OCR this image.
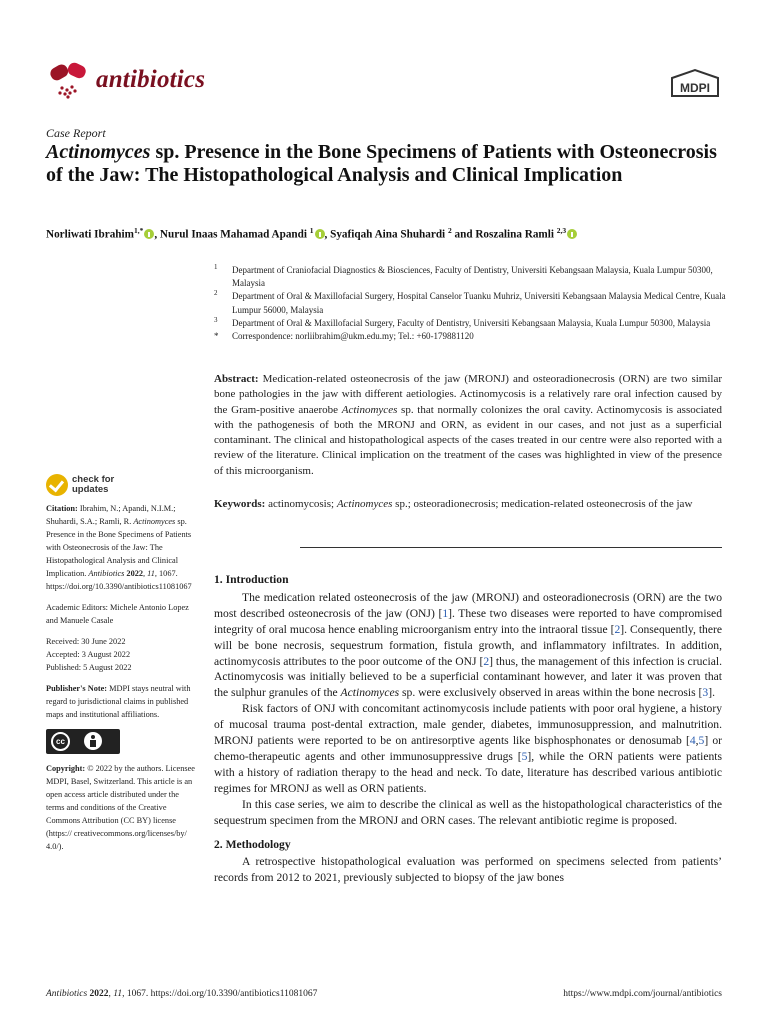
antibiotics	MDPI
Case Report
Actinomyces sp. Presence in the Bone Specimens of Patients with Osteonecrosis of the Jaw: The Histopathological Analysis and Clinical Implication
Norliwati Ibrahim$^{1,*}$ , Nurul Inaas Mahamad Apandi $^1$ , Syafiqah Aina Shuhardi $^2$ and Roszalina Ramli $^{2,3}$
1 Department of Craniofacial Diagnostics & Biosciences, Faculty of Dentistry, Universiti Kebangsaan Malaysia, Kuala Lumpur 50300, Malaysia
2 Department of Oral & Maxillofacial Surgery, Hospital Canselor Tuanku Muhriz, Universiti Kebangsaan Malaysia Medical Centre, Kuala Lumpur 56000, Malaysia
3 Department of Oral & Maxillofacial Surgery, Faculty of Dentistry, Universiti Kebangsaan Malaysia, Kuala Lumpur 50300, Malaysia
* Correspondence: norliibrahim@ukm.edu.my; Tel.: +60-179881120
Abstract: Medication-related osteonecrosis of the jaw (MRONJ) and osteoradionecrosis (ORN) are two similar bone pathologies in the jaw with different aetiologies. Actinomycosis is a relatively rare oral infection caused by the Gram-positive anaerobe Actinomyces sp. that normally colonizes the oral cavity. Actinomycosis is associated with the pathogenesis of both the MRONJ and ORN, as evident in our cases, and not just as a superficial contaminant. The clinical and histopathological aspects of the cases treated in our centre were also reported with a review of the literature. Clinical implication on the treatment of the cases was highlighted in view of the presence of this microorganism.
Keywords: actinomycosis; Actinomyces sp.; osteoradionecrosis; medication-related osteonecrosis of the jaw
check for
updates
Citation: Ibrahim, N.; Apandi, N.I.M.; Shuhardi, S.A.; Ramli, R. Actinomyces sp. Presence in the Bone Specimens of Patients with Osteonecrosis of the Jaw: The Histopathological Analysis and Clinical Implication. Antibiotics 2022, 11, 1067. https://doi.org/10.3390/antibiotics11081067
Academic Editors: Michele Antonio Lopez and Manuele Casale
Received: 30 June 2022
Accepted: 3 August 2022
Published: 5 August 2022
Publisher's Note: MDPI stays neutral with regard to jurisdictional claims in published maps and institutional affiliations.
cc
Copyright: © 2022 by the authors. Licensee MDPI, Basel, Switzerland. This article is an open access article distributed under the terms and conditions of the Creative Commons Attribution (CC BY) license (https:// creativecommons.org/licenses/by/ 4.0/).
1. Introduction

The medication related osteonecrosis of the jaw (MRONJ) and osteoradionecrosis (ORN) are the two most described osteonecrosis of the jaw (ONJ) [1]. These two diseases were reported to have compromised integrity of oral mucosa hence enabling microorganism entry into the intraoral tissue [2]. Consequently, there will be bone necrosis, sequestrum formation, fistula growth, and inflammatory infiltrates. In addition, actinomycosis attributes to the poor outcome of the ONJ [2] thus, the management of this infection is crucial. Actinomycosis was initially believed to be a superficial contaminant however, and later it was proven that the sulphur granules of the Actinomyces sp. were exclusively observed in areas within the bone necrosis [3].

Risk factors of ONJ with concomitant actinomycosis include patients with poor oral hygiene, a history of mucosal trauma post-dental extraction, male gender, diabetes, immunosuppression, and malnutrition. MRONJ patients were reported to be on antiresorptive agents like bisphosphonates or denosumab [4,5] or chemo-therapeutic agents and other immunosuppressive drugs [5], while the ORN patients were patients with a history of radiation therapy to the head and neck. To date, literature has described various antibiotic regimes for MRONJ as well as ORN patients.

In this case series, we aim to describe the clinical as well as the histopathological characteristics of the sequestrum specimen from the MRONJ and ORN cases. The relevant antibiotic regime is proposed.

2. Methodology

A retrospective histopathological evaluation was performed on specimens selected from patients’ records from 2012 to 2021, previously subjected to biopsy of the jaw bones

Antibiotics 2022, 11, 1067. https://doi.org/10.3390/antibiotics11081067	https://www.mdpi.com/journal/antibiotics
